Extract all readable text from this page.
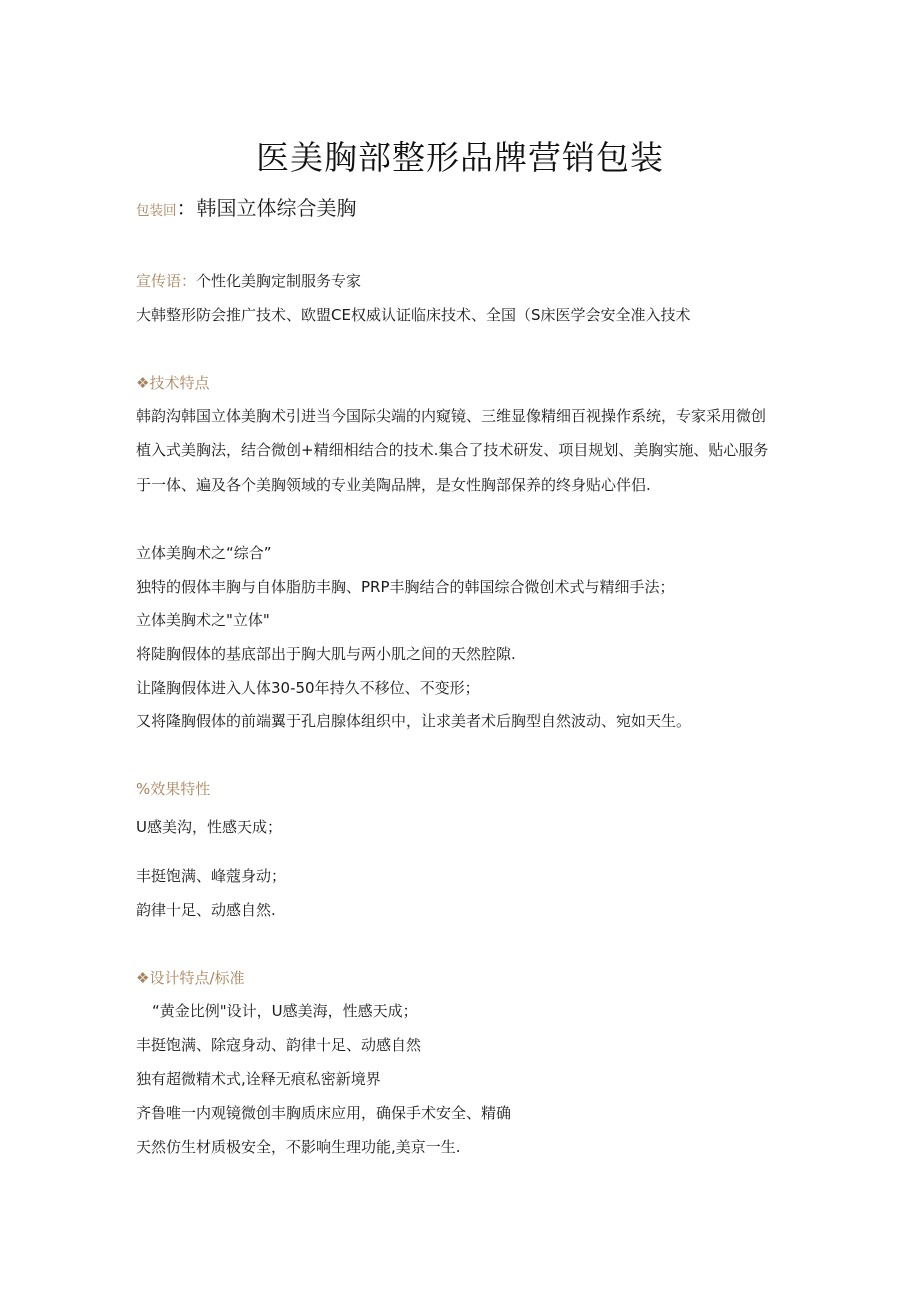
医美胸部整形品牌营销包装
包装回：韩国立体综合美胸
宣传语：个性化美胸定制服务专家
大韩整形防会推广技术、欧盟CE权威认证临床技术、全国（S床医学会安全准入技术
❖技术特点
韩韵沟韩国立体美胸术引进当今国际尖端的内窥镜、三维显像精细百视操作系统，专家采用微创
植入式美胸法，结合微创+精细相结合的技术.集合了技术研发、项目规划、美胸实施、贴心服务
于一体、遍及各个美胸领域的专业美陶品牌，是女性胸部保养的终身贴心伴侣.
立体美胸术之“综合”
独特的假体丰胸与自体脂肪丰胸、PRP丰胸结合的韩国综合微创术式与精细手法；
立体美胸术之"立体"
将陡胸假体的基底部出于胸大肌与两小肌之间的天然腔隙.
让隆胸假体进入人体30-50年持久不移位、不变形；
又将隆胸假体的前端翼于孔启腺体组织中，让求美者术后胸型自然波动、宛如天生。
%效果特性
U感美沟，性感天成；
丰挺饱满、峰蔻身动；
韵律十足、动感自然.
❖设计特点/标准
“黄金比例"设计，U感美海，性感天成；
丰挺饱满、除寇身动、韵律十足、动感自然
独有超微精术式,诠释无痕私密新境界
齐鲁唯一内观镜微创丰胸质床应用，确保手术安全、精确
天然仿生材质极安全，不影响生理功能,美京一生.
